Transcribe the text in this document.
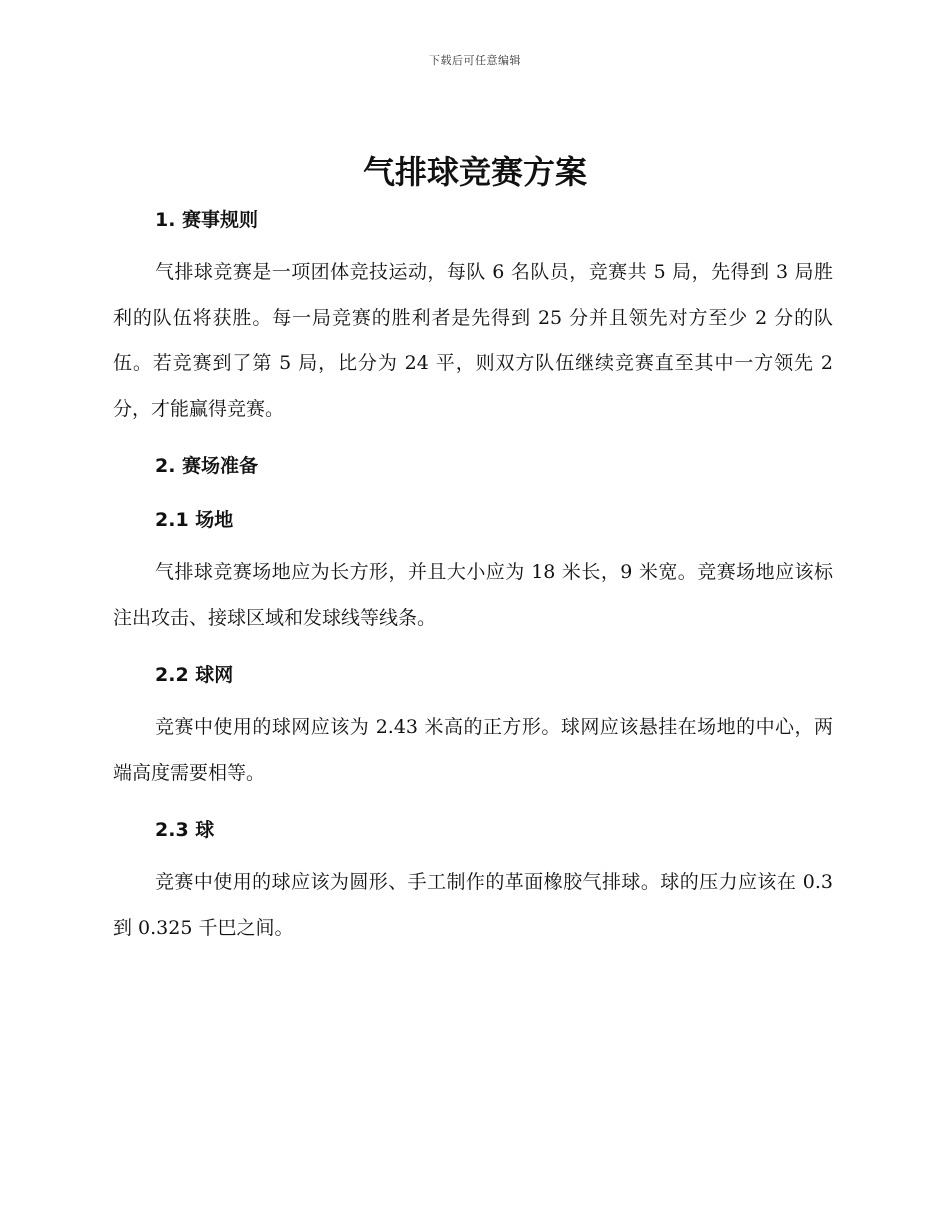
下载后可任意编辑
气排球竞赛方案
1. 赛事规则

气排球竞赛是一项团体竞技运动，每队 6 名队员，竞赛共 5 局，先得到 3 局胜利的队伍将获胜。每一局竞赛的胜利者是先得到 25 分并且领先对方至少 2 分的队伍。若竞赛到了第 5 局，比分为 24 平，则双方队伍继续竞赛直至其中一方领先 2 分，才能赢得竞赛。

2. 赛场准备
2.1 场地

气排球竞赛场地应为长方形，并且大小应为 18 米长，9 米宽。竞赛场地应该标注出攻击、接球区域和发球线等线条。

2.2 球网

竞赛中使用的球网应该为 2.43 米高的正方形。球网应该悬挂在场地的中心，两端高度需要相等。

2.3 球

竞赛中使用的球应该为圆形、手工制作的革面橡胶气排球。球的压力应该在 0.3 到 0.325 千巴之间。
